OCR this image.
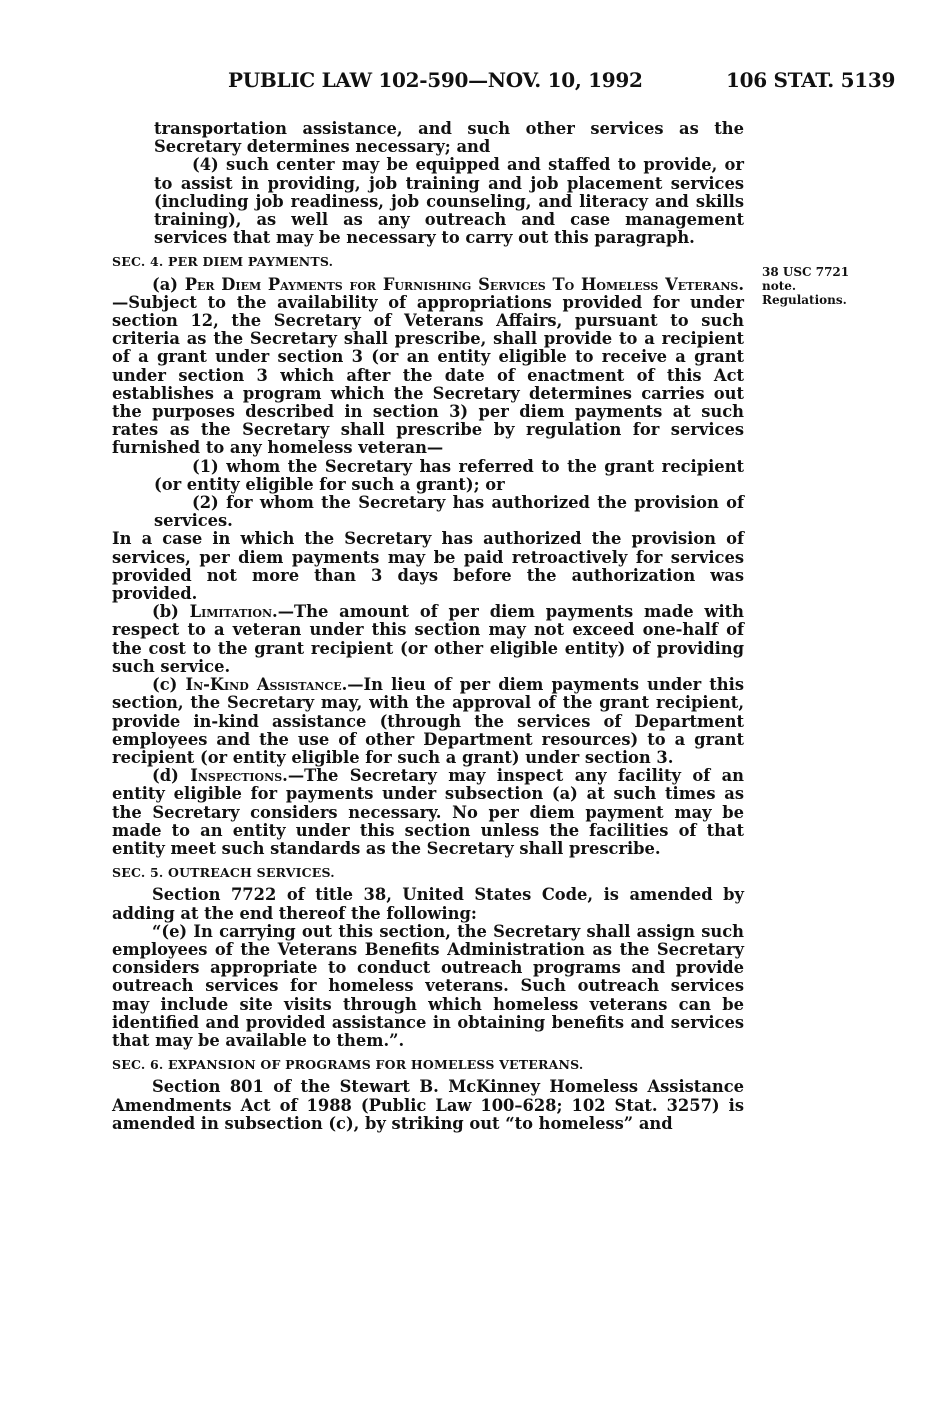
PUBLIC LAW 102-590—NOV. 10, 1992	106 STAT. 5139
38 USC 7721
note.
Regulations.

transportation assistance, and such other services as the Secretary determines necessary; and

(4) such center may be equipped and staffed to provide, or to assist in providing, job training and job placement services (including job readiness, job counseling, and literacy and skills training), as well as any outreach and case management services that may be necessary to carry out this paragraph.

SEC. 4. PER DIEM PAYMENTS.

(a) Per Diem Payments for Furnishing Services To Homeless Veterans.—Subject to the availability of appropriations provided for under section 12, the Secretary of Veterans Affairs, pursuant to such criteria as the Secretary shall prescribe, shall provide to a recipient of a grant under section 3 (or an entity eligible to receive a grant under section 3 which after the date of enactment of this Act establishes a program which the Secretary determines carries out the purposes described in section 3) per diem payments at such rates as the Secretary shall prescribe by regulation for services furnished to any homeless veteran—

(1) whom the Secretary has referred to the grant recipient (or entity eligible for such a grant); or

(2) for whom the Secretary has authorized the provision of services.

In a case in which the Secretary has authorized the provision of services, per diem payments may be paid retroactively for services provided not more than 3 days before the authorization was provided.

(b) Limitation.—The amount of per diem payments made with respect to a veteran under this section may not exceed one-half of the cost to the grant recipient (or other eligible entity) of providing such service.

(c) In-Kind Assistance.—In lieu of per diem payments under this section, the Secretary may, with the approval of the grant recipient, provide in-kind assistance (through the services of Department employees and the use of other Department resources) to a grant recipient (or entity eligible for such a grant) under section 3.

(d) Inspections.—The Secretary may inspect any facility of an entity eligible for payments under subsection (a) at such times as the Secretary considers necessary. No per diem payment may be made to an entity under this section unless the facilities of that entity meet such standards as the Secretary shall prescribe.

SEC. 5. OUTREACH SERVICES.

Section 7722 of title 38, United States Code, is amended by adding at the end thereof the following:

“(e) In carrying out this section, the Secretary shall assign such employees of the Veterans Benefits Administration as the Secretary considers appropriate to conduct outreach programs and provide outreach services for homeless veterans. Such outreach services may include site visits through which homeless veterans can be identified and provided assistance in obtaining benefits and services that may be available to them.”.

SEC. 6. EXPANSION OF PROGRAMS FOR HOMELESS VETERANS.

Section 801 of the Stewart B. McKinney Homeless Assistance Amendments Act of 1988 (Public Law 100–628; 102 Stat. 3257) is amended in subsection (c), by striking out “to homeless” and
